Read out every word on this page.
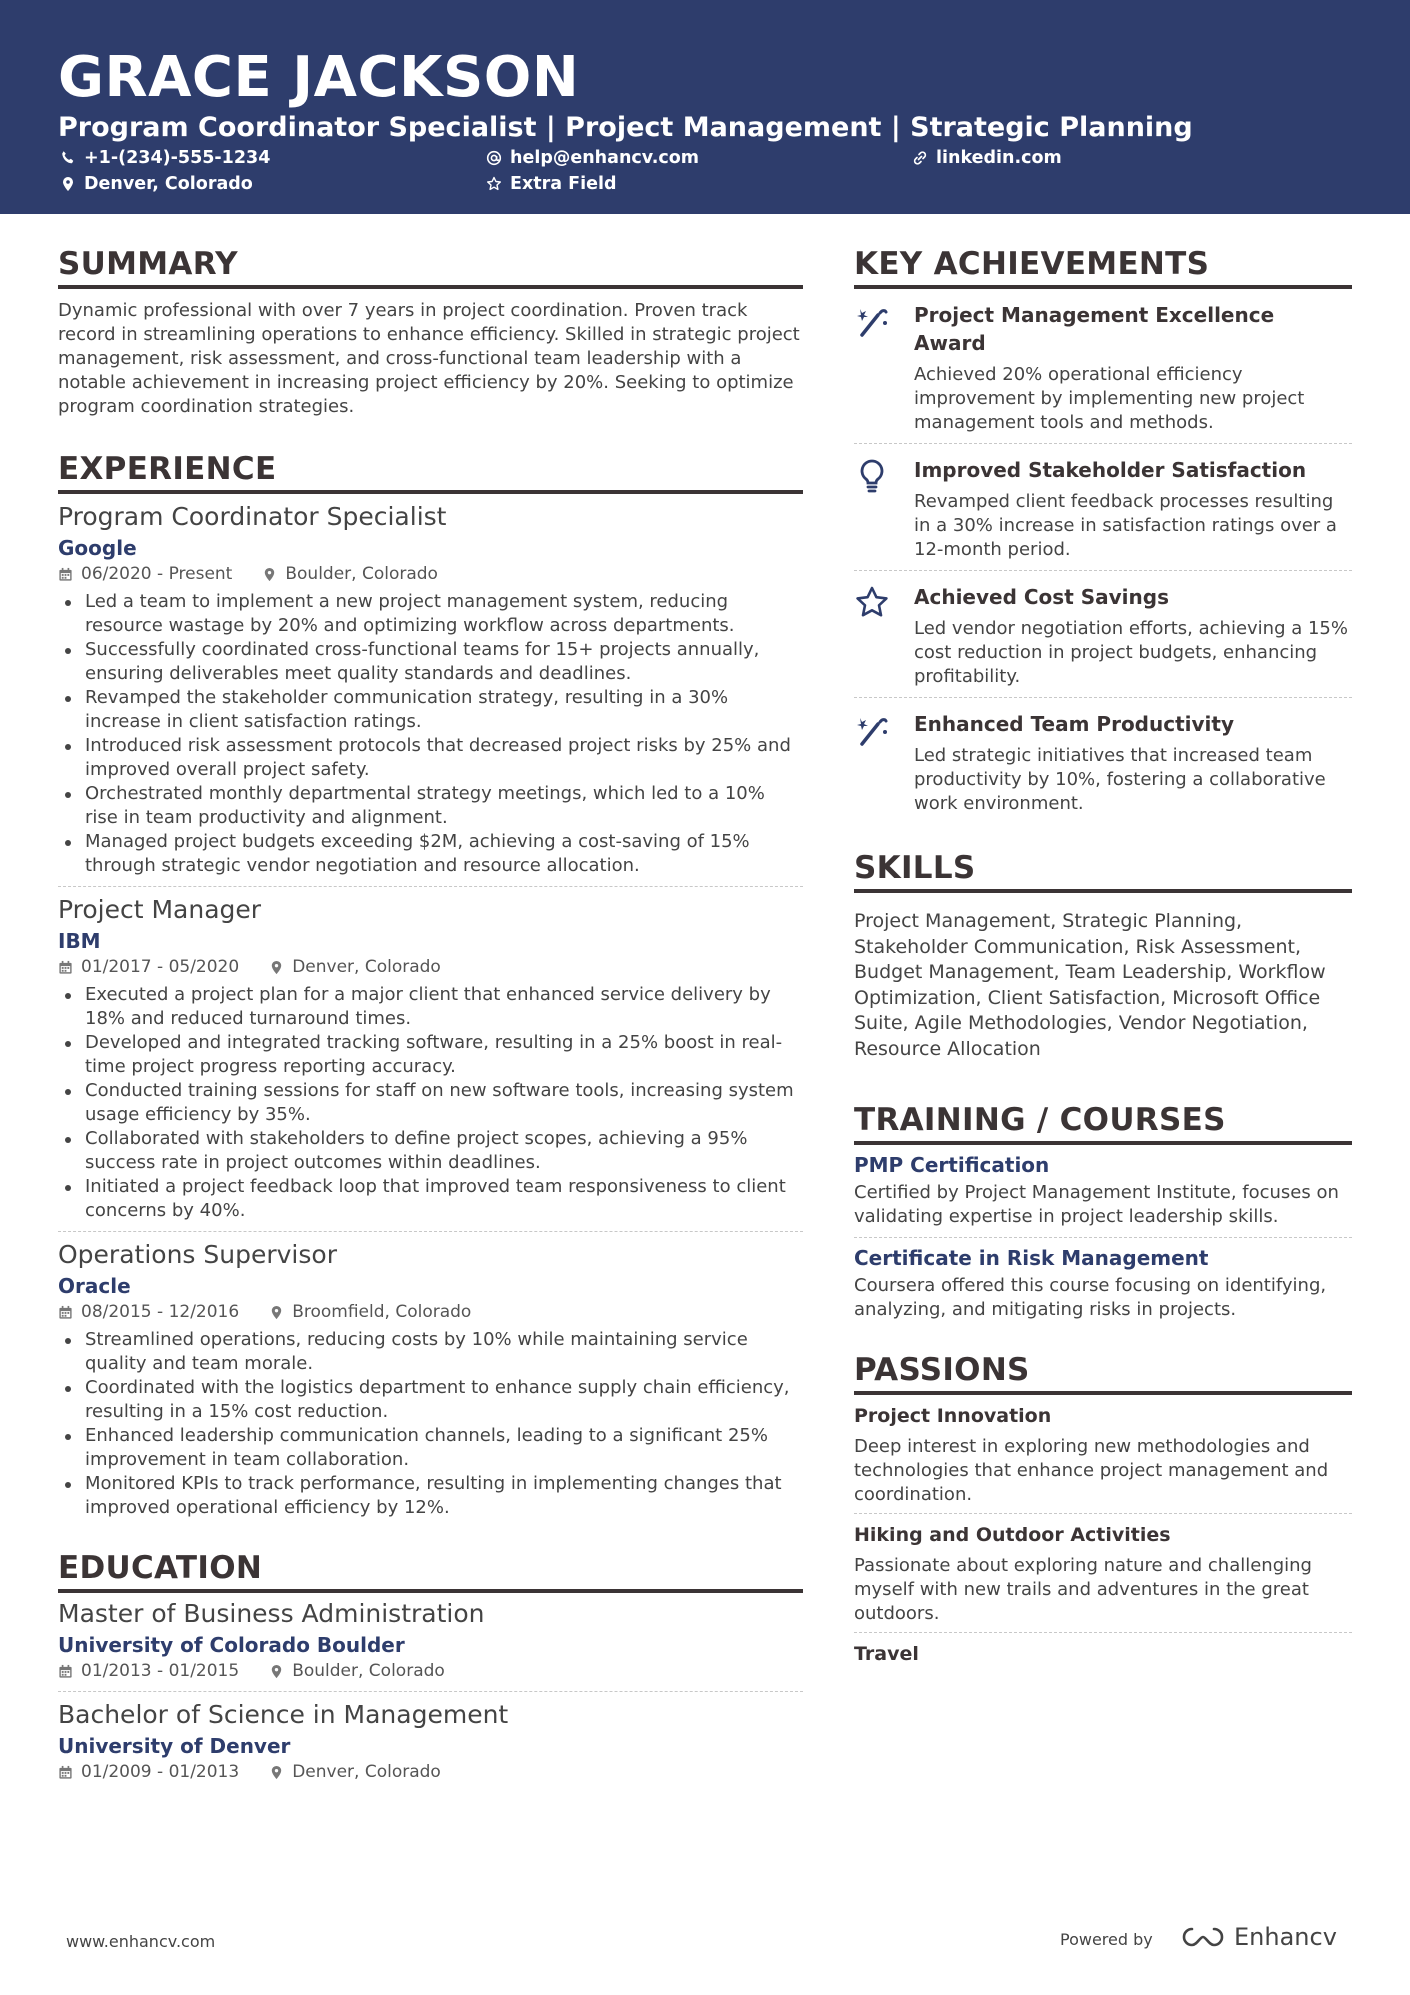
GRACE JACKSON
Program Coordinator Specialist | Project Management | Strategic Planning
+1-(234)-555-1234	help@enhancv.com	linkedin.com
Denver, Colorado	Extra Field
SUMMARY
Dynamic professional with over 7 years in project coordination. Proven track record in streamlining operations to enhance efficiency. Skilled in strategic project management, risk assessment, and cross-functional team leadership with a notable achievement in increasing project efficiency by 20%. Seeking to optimize program coordination strategies.
EXPERIENCE
Program Coordinator Specialist
Google
06/2020 - Present	Boulder, Colorado
Led a team to implement a new project management system, reducing resource wastage by 20% and optimizing workflow across departments.
Successfully coordinated cross-functional teams for 15+ projects annually, ensuring deliverables meet quality standards and deadlines.
Revamped the stakeholder communication strategy, resulting in a 30% increase in client satisfaction ratings.
Introduced risk assessment protocols that decreased project risks by 25% and improved overall project safety.
Orchestrated monthly departmental strategy meetings, which led to a 10% rise in team productivity and alignment.
Managed project budgets exceeding $2M, achieving a cost-saving of 15% through strategic vendor negotiation and resource allocation.
Project Manager
IBM
01/2017 - 05/2020	Denver, Colorado
Executed a project plan for a major client that enhanced service delivery by 18% and reduced turnaround times.
Developed and integrated tracking software, resulting in a 25% boost in real-time project progress reporting accuracy.
Conducted training sessions for staff on new software tools, increasing system usage efficiency by 35%.
Collaborated with stakeholders to define project scopes, achieving a 95% success rate in project outcomes within deadlines.
Initiated a project feedback loop that improved team responsiveness to client concerns by 40%.
Operations Supervisor
Oracle
08/2015 - 12/2016	Broomfield, Colorado
Streamlined operations, reducing costs by 10% while maintaining service quality and team morale.
Coordinated with the logistics department to enhance supply chain efficiency, resulting in a 15% cost reduction.
Enhanced leadership communication channels, leading to a significant 25% improvement in team collaboration.
Monitored KPIs to track performance, resulting in implementing changes that improved operational efficiency by 12%.
EDUCATION
Master of Business Administration
University of Colorado Boulder
01/2013 - 01/2015	Boulder, Colorado
Bachelor of Science in Management
University of Denver
01/2009 - 01/2013	Denver, Colorado
KEY ACHIEVEMENTS
Project Management Excellence Award
Achieved 20% operational efficiency improvement by implementing new project management tools and methods.
Improved Stakeholder Satisfaction
Revamped client feedback processes resulting in a 30% increase in satisfaction ratings over a 12-month period.
Achieved Cost Savings
Led vendor negotiation efforts, achieving a 15% cost reduction in project budgets, enhancing profitability.
Enhanced Team Productivity
Led strategic initiatives that increased team productivity by 10%, fostering a collaborative work environment.
SKILLS
Project Management, Strategic Planning, Stakeholder Communication, Risk Assessment, Budget Management, Team Leadership, Workflow Optimization, Client Satisfaction, Microsoft Office Suite, Agile Methodologies, Vendor Negotiation, Resource Allocation
TRAINING / COURSES
PMP Certification
Certified by Project Management Institute, focuses on validating expertise in project leadership skills.
Certificate in Risk Management
Coursera offered this course focusing on identifying, analyzing, and mitigating risks in projects.
PASSIONS
Project Innovation
Deep interest in exploring new methodologies and technologies that enhance project management and coordination.
Hiking and Outdoor Activities
Passionate about exploring nature and challenging myself with new trails and adventures in the great outdoors.
Travel
www.enhancv.com	Powered by	Enhancv
